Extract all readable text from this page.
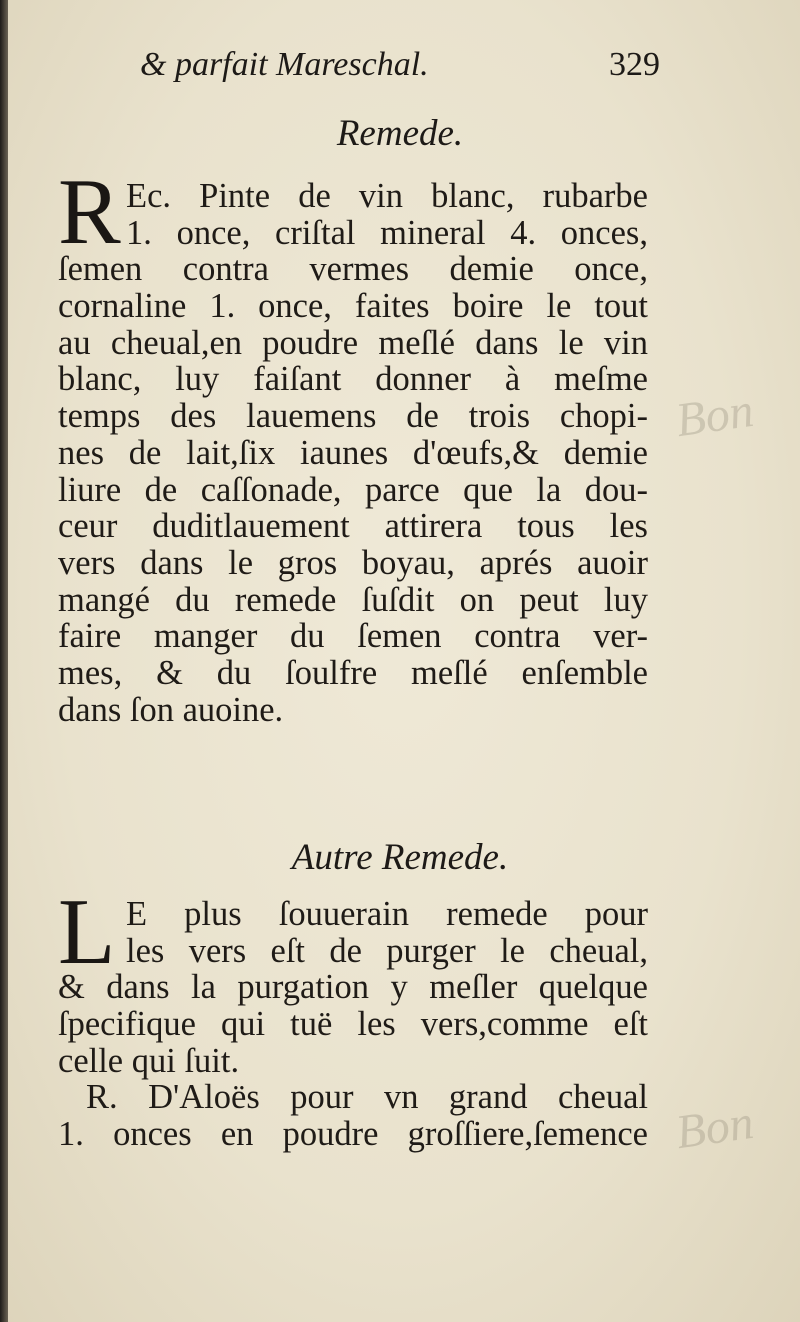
& parfait Mareschal.	329
Remede.
R Ec. Pinte de vin blanc, rubarbe
1. once, criſtal mineral 4. onces,
ſemen contra vermes demie once,
cornaline 1. once, faites boire le tout
au cheual,en poudre meſlé dans le vin
blanc, luy faiſant donner à meſme
temps des lauemens de trois chopi-
nes de lait,ſix iaunes d'œufs,& demie
liure de caſſonade, parce que la dou-
ceur duditlauement attirera tous les
vers dans le gros boyau, aprés auoir
mangé du remede ſuſdit on peut luy
faire manger du ſemen contra ver-
mes, & du ſoulfre meſlé enſemble
dans ſon auoine.
Autre Remede.
L E plus ſouuerain remede pour
les vers eſt de purger le cheual,
& dans la purgation y meſler quelque
ſpecifique qui tuë les vers,comme eſt
celle qui ſuit.
R. D'Aloës pour vn grand cheual
1. onces en poudre groſſiere,ſemence
Bon
Bon
